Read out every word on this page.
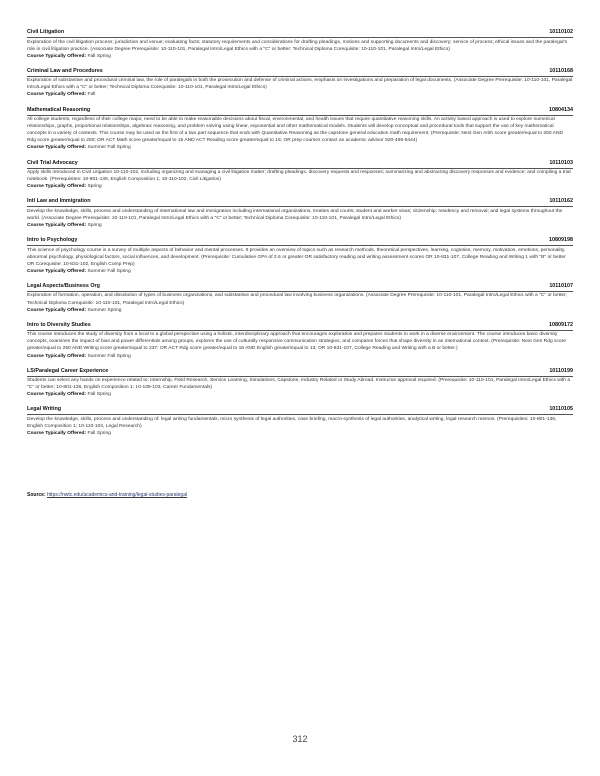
Civil Litigation	10110102
Exploration of the civil litigation process; jurisdiction and venue; evaluating facts; statutory requirements and considerations for drafting pleadings, motions and supporting documents and discovery; service of process; ethical issues and the paralegal's role in civil litigation practice. (Associate Degree Prerequisite: 10-110-101, Paralegal Intro/Legal Ethics with a "C" or better; Technical Diploma Corequisite: 10-110-101, Paralegal Intro/Legal Ethics)
Course Typically Offered: Fall Spring
Criminal Law and Procedures	10110168
Exploration of substantive and procedural criminal law, the role of paralegals in both the prosecution and defense of criminal actions, emphasis on investigations and preparation of legal documents. (Associate Degree Prerequisite: 10-110-101, Paralegal Intro/Legal Ethics with a "C" or better; Technical Diploma Corequisite: 10-110-101, Paralegal Intro/Legal Ethics)
Course Typically Offered: Fall
Mathematical Reasoning	10804134
All college students, regardless of their college major, need to be able to make reasonable decisions about fiscal, environmental, and health issues that require quantitative reasoning skills. An activity based approach is used to explore numerical relationships, graphs, proportional relationships, algebraic reasoning, and problem solving using linear, exponential and other mathematical models. Students will develop conceptual and procedural tools that support the use of key mathematical concepts in a variety of contexts. This course may be used as the first of a two part sequence that ends with Quantitative Reasoning as the capstone general education math requirement. (Prerequisite: Next Gen Arith score greater/equal to 250 AND Rdg score greater/equal to 250; OR ACT Math score greater/equal to 15 AND ACT Reading score greater/equal to 16; OR prep courses contact an academic advisor 920-498-5444)
Course Typically Offered: Summer Fall Spring
Civil Trial Advocacy	10110103
Apply skills introduced in Civil Litigation 10-110-102, including organizing and managing a civil litigation matter; drafting pleadings, discovery requests and responses; summarizing and abstracting discovery responses and evidence; and compiling a trial notebook. (Prerequisites: 10-801-136, English Composition 1; 10-110-102, Civil Litigation)
Course Typically Offered: Spring
Intl Law and Immigration	10110162
Develop the knowledge, skills, process and understanding of international law and immigration including international organizations, treaties and courts; student and worker visas; citizenship; residency and removal; and legal systems throughout the world. (Associate Degree Prerequisite: 10-110-101, Paralegal Intro/Legal Ethics with a "C" or better; Technical Diploma Corequisite: 10-110-101, Paralegal Intro/Legal Ethics)
Course Typically Offered: Spring
Intro to Psychology	10809198
This science of psychology course is a survey of multiple aspects of behavior and mental processes. It provides an overview of topics such as research methods, theoretical perspectives, learning, cognition, memory, motivation, emotions, personality, abnormal psychology, physiological factors, social influences, and development. (Prerequisite: Cumulative GPA of 2.6 or greater OR satisfactory reading and writing assessment scores OR 10-831-107, College Reading and Writing 1 with "B" or better OR Corequisite: 10-831-102, English Comp Prep)
Course Typically Offered: Summer Fall Spring
Legal Aspects/Business Org	10110107
Exploration of formation, operation, and dissolution of types of business organizations, and substantive and procedural law involving business organizations. (Associate Degree Prerequisite: 10-110-101, Paralegal Intro/Legal Ethics with a "C" or better; Technical Diploma Corequisite: 10-110-101, Paralegal Intro/Legal Ethics)
Course Typically Offered: Summer Spring
Intro to Diversity Studies	10809172
This course introduces the study of diversity from a local to a global perspective using a holistic, interdisciplinary approach that encourages exploration and prepares students to work in a diverse environment. The course introduces basic diversity concepts, examines the impact of bias and power differentials among groups, explores the use of culturally responsive communication strategies, and compares forces that shape diversity in an international context. (Prerequisite: Next Gen Rdg score greater/equal to 250 AND Writing score greater/equal to 237; OR ACT Rdg score greater/equal to 16 AND English greater/equal to 13; OR 10-831-107, College Reading and Writing with a B or better.)
Course Typically Offered: Summer Fall Spring
LS/Paralegal Career Experience	10110199
Students can select any hands on experience related to: Internship, Field Research, Service Learning, Simulations, Capstone, Industry Related or Study Abroad. Instructor approval required. (Prerequisite: 10-110-101, Paralegal Intro/Legal Ethics with a "C" or better; 10-801-136, English Composition 1; 10-105-103, Career Fundamentals)
Course Typically Offered: Fall Spring
Legal Writing	10110105
Develop the knowledge, skills, process and understanding of: legal writing fundamentals, micro synthesis of legal authorities, case briefing, macro-synthesis of legal authorities, analytical writing, legal research memos. (Prerequisites: 10-801-136, English Composition 1; 10-110-104, Legal Research)
Course Typically Offered: Fall Spring
Source: https://nwtc.edu/academics-and-training/legal-studies-paralegal
312
